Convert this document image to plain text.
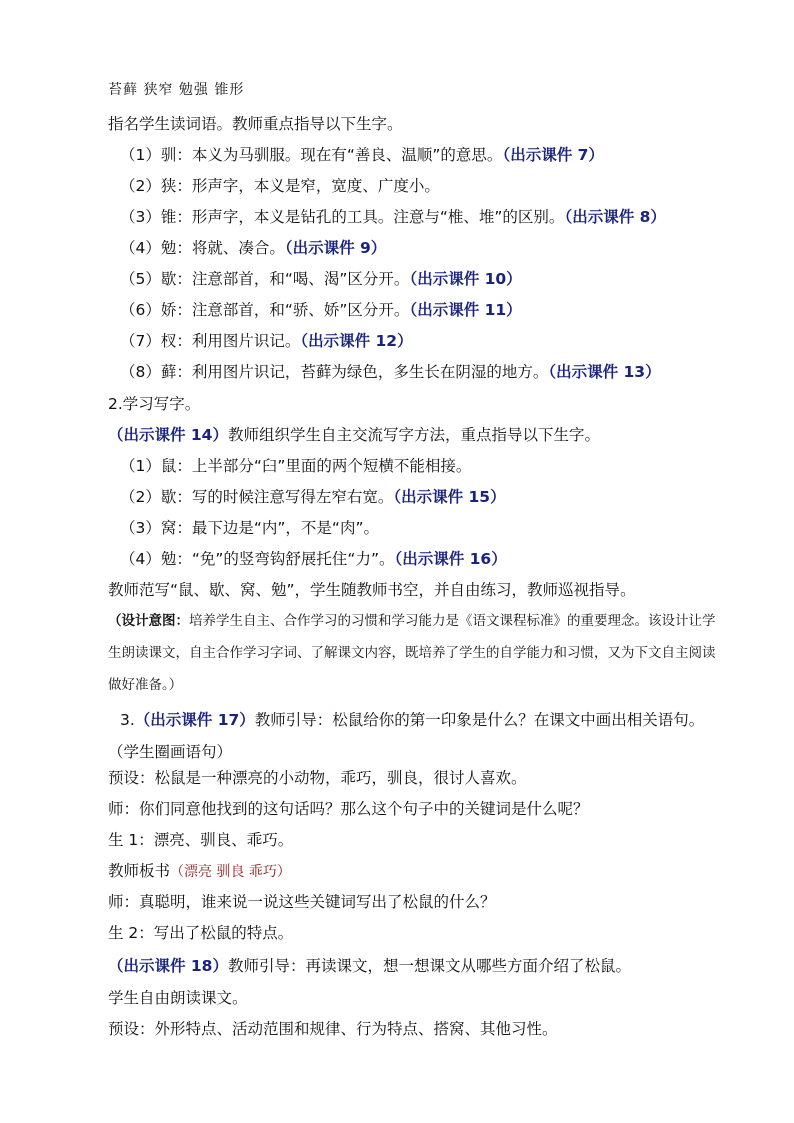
苔藓 狭窄 勉强 锥形
指名学生读词语。教师重点指导以下生字。
（1）驯：本义为马驯服。现在有“善良、温顺”的意思。（出示课件 7）
（2）狭：形声字，本义是窄，宽度、广度小。
（3）锥：形声字，本义是钻孔的工具。注意与“椎、堆”的区别。（出示课件 8）
（4）勉：将就、凑合。（出示课件 9）
（5）歇：注意部首，和“喝、渴”区分开。（出示课件 10）
（6）娇：注意部首，和“骄、娇”区分开。（出示课件 11）
（7）杈：利用图片识记。（出示课件 12）
（8）藓：利用图片识记，苔藓为绿色，多生长在阴湿的地方。（出示课件 13）
2.学习写字。
（出示课件 14）教师组织学生自主交流写字方法，重点指导以下生字。
（1）鼠：上半部分“臼”里面的两个短横不能相接。
（2）歇：写的时候注意写得左窄右宽。（出示课件 15）
（3）窝：最下边是“内”，不是“肉”。
（4）勉：“免”的竖弯钩舒展托住“力”。（出示课件 16）
教师范写“鼠、歇、窝、勉”，学生随教师书空，并自由练习，教师巡视指导。
（设计意图：培养学生自主、合作学习的习惯和学习能力是《语文课程标准》的重要理念。该设计让学生朗读课文，自主合作学习字词、了解课文内容，既培养了学生的自学能力和习惯，又为下文自主阅读做好准备。）
3.（出示课件 17）教师引导：松鼠给你的第一印象是什么？在课文中画出相关语句。（学生圈画语句）
预设：松鼠是一种漂亮的小动物，乖巧，驯良，很讨人喜欢。
师：你们同意他找到的这句话吗？那么这个句子中的关键词是什么呢？
生 1：漂亮、驯良、乖巧。
教师板书（漂亮 驯良 乖巧）
师：真聪明，谁来说一说这些关键词写出了松鼠的什么？
生 2：写出了松鼠的特点。
（出示课件 18）教师引导：再读课文，想一想课文从哪些方面介绍了松鼠。
学生自由朗读课文。
预设：外形特点、活动范围和规律、行为特点、搭窝、其他习性。
